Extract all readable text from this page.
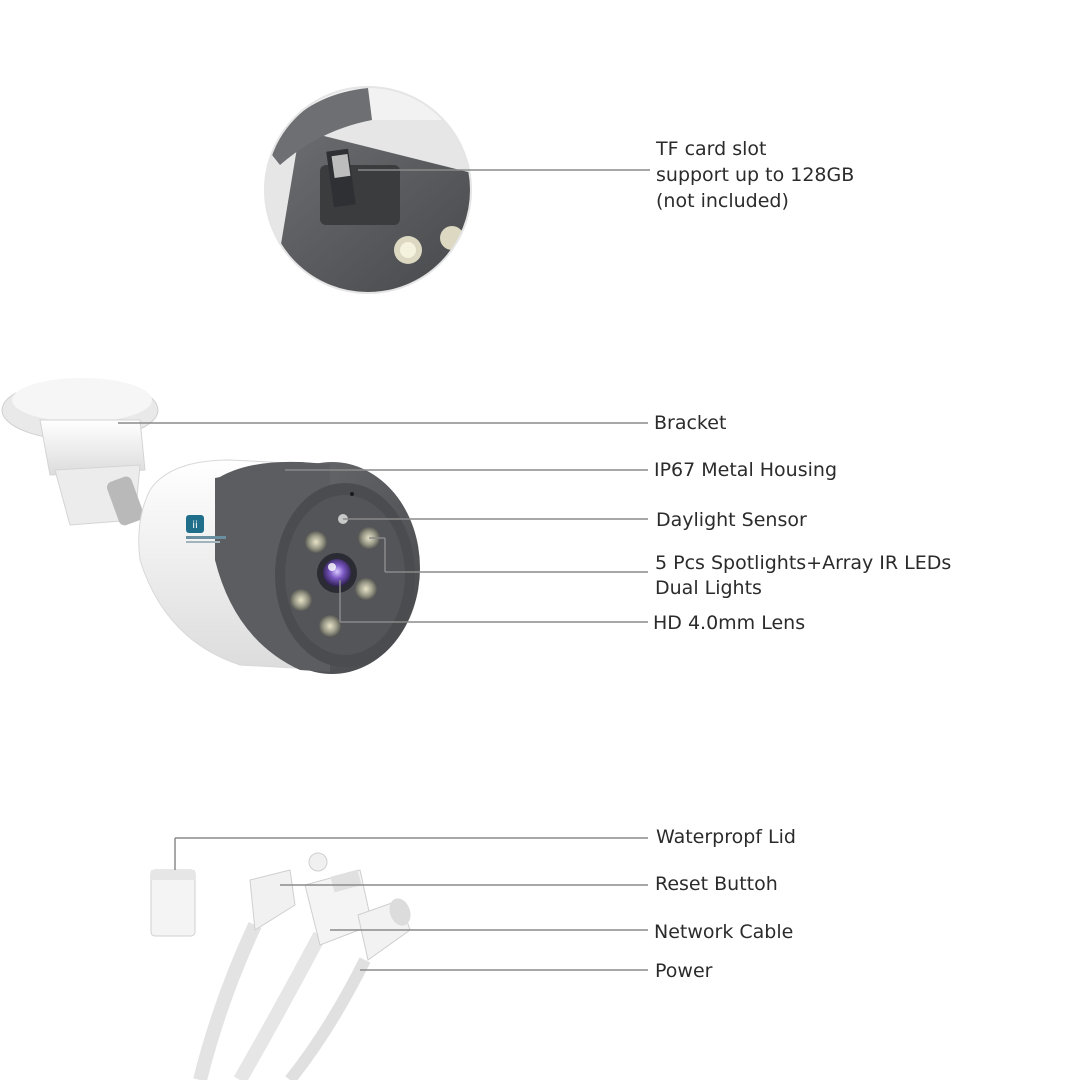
ii
TF card slot
support up to 128GB
(not included)
Bracket
IP67 Metal Housing
Daylight Sensor
5 Pcs Spotlights+Array IR LEDs
Dual Lights
HD 4.0mm Lens
Waterpropf Lid
Reset Buttoh
Network Cable
Power
